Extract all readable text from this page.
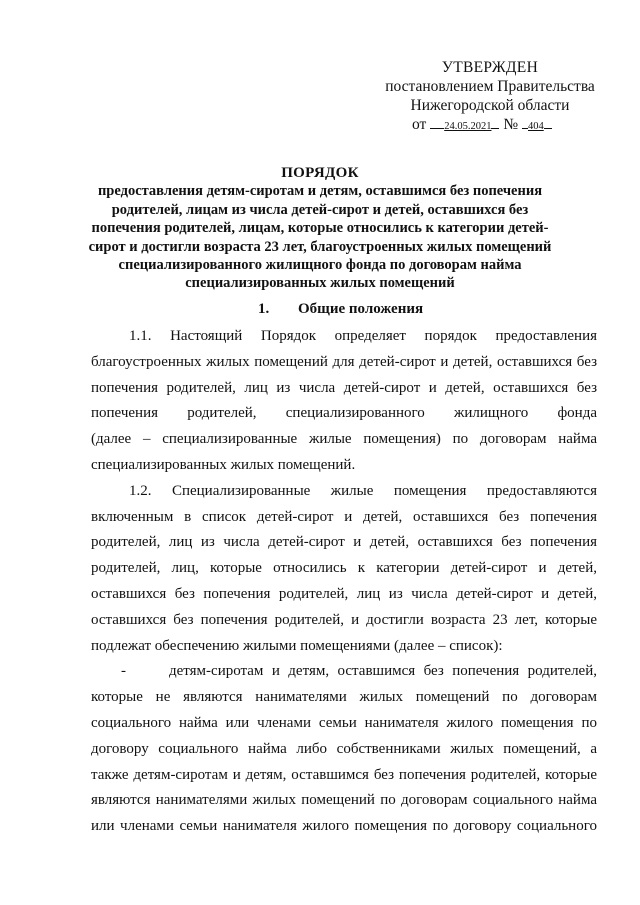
УТВЕРЖДЕН
постановлением Правительства
Нижегородской области
от 24.05.2021 № 404
ПОРЯДОК
предоставления детям-сиротам и детям, оставшимся без попечения
родителей, лицам из числа детей-сирот и детей, оставшихся без
попечения родителей, лицам, которые относились к категории детей-
сирот и достигли возраста 23 лет, благоустроенных жилых помещений
специализированного жилищного фонда по договорам найма
специализированных жилых помещений
1. Общие положения
1.1. Настоящий Порядок определяет порядок предоставления
благоустроенных жилых помещений для детей-сирот и детей, оставшихся без
попечения родителей, лиц из числа детей-сирот и детей, оставшихся без
попечения родителей, специализированного жилищного фонда
(далее – специализированные жилые помещения) по договорам найма
специализированных жилых помещений.
1.2. Специализированные жилые помещения предоставляются
включенным в список детей-сирот и детей, оставшихся без попечения
родителей, лиц из числа детей-сирот и детей, оставшихся без попечения
родителей, лиц, которые относились к категории детей-сирот и детей,
оставшихся без попечения родителей, лиц из числа детей-сирот и детей,
оставшихся без попечения родителей, и достигли возраста 23 лет, которые
подлежат обеспечению жилыми помещениями (далее – список):
-	детям-сиротам и детям, оставшимся без попечения родителей,
которые не являются нанимателями жилых помещений по договорам
социального найма или членами семьи нанимателя жилого помещения по
договору социального найма либо собственниками жилых помещений, а
также детям-сиротам и детям, оставшимся без попечения родителей, которые
являются нанимателями жилых помещений по договорам социального найма
или членами семьи нанимателя жилого помещения по договору социального
